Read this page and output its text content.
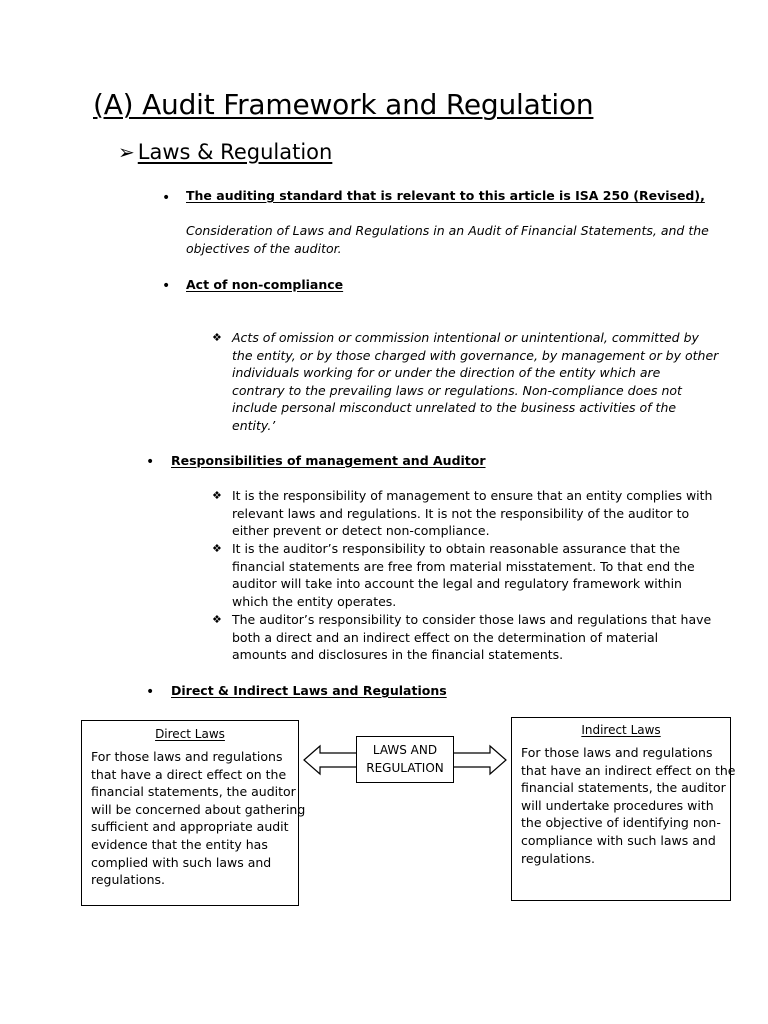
(A) Audit Framework and Regulation
➢ Laws & Regulation
• The auditing standard that is relevant to this article is ISA 250 (Revised),
Consideration of Laws and Regulations in an Audit of Financial Statements, and the
objectives of the auditor.
• Act of non-compliance
❖ Acts of omission or commission intentional or unintentional, committed by
the entity, or by those charged with governance, by management or by other
individuals working for or under the direction of the entity which are
contrary to the prevailing laws or regulations. Non-compliance does not
include personal misconduct unrelated to the business activities of the
entity.’
• Responsibilities of management and Auditor
❖ It is the responsibility of management to ensure that an entity complies with
relevant laws and regulations. It is not the responsibility of the auditor to
either prevent or detect non-compliance.
❖ It is the auditor’s responsibility to obtain reasonable assurance that the
financial statements are free from material misstatement. To that end the
auditor will take into account the legal and regulatory framework within
which the entity operates.
❖ The auditor’s responsibility to consider those laws and regulations that have
both a direct and an indirect effect on the determination of material
amounts and disclosures in the financial statements.
• Direct & Indirect Laws and Regulations
Direct Laws
For those laws and regulations
that have a direct effect on the
financial statements, the auditor
will be concerned about gathering
sufficient and appropriate audit
evidence that the entity has
complied with such laws and
regulations.
LAWS AND
REGULATION
Indirect Laws
For those laws and regulations
that have an indirect effect on the
financial statements, the auditor
will undertake procedures with
the objective of identifying non-
compliance with such laws and
regulations.
